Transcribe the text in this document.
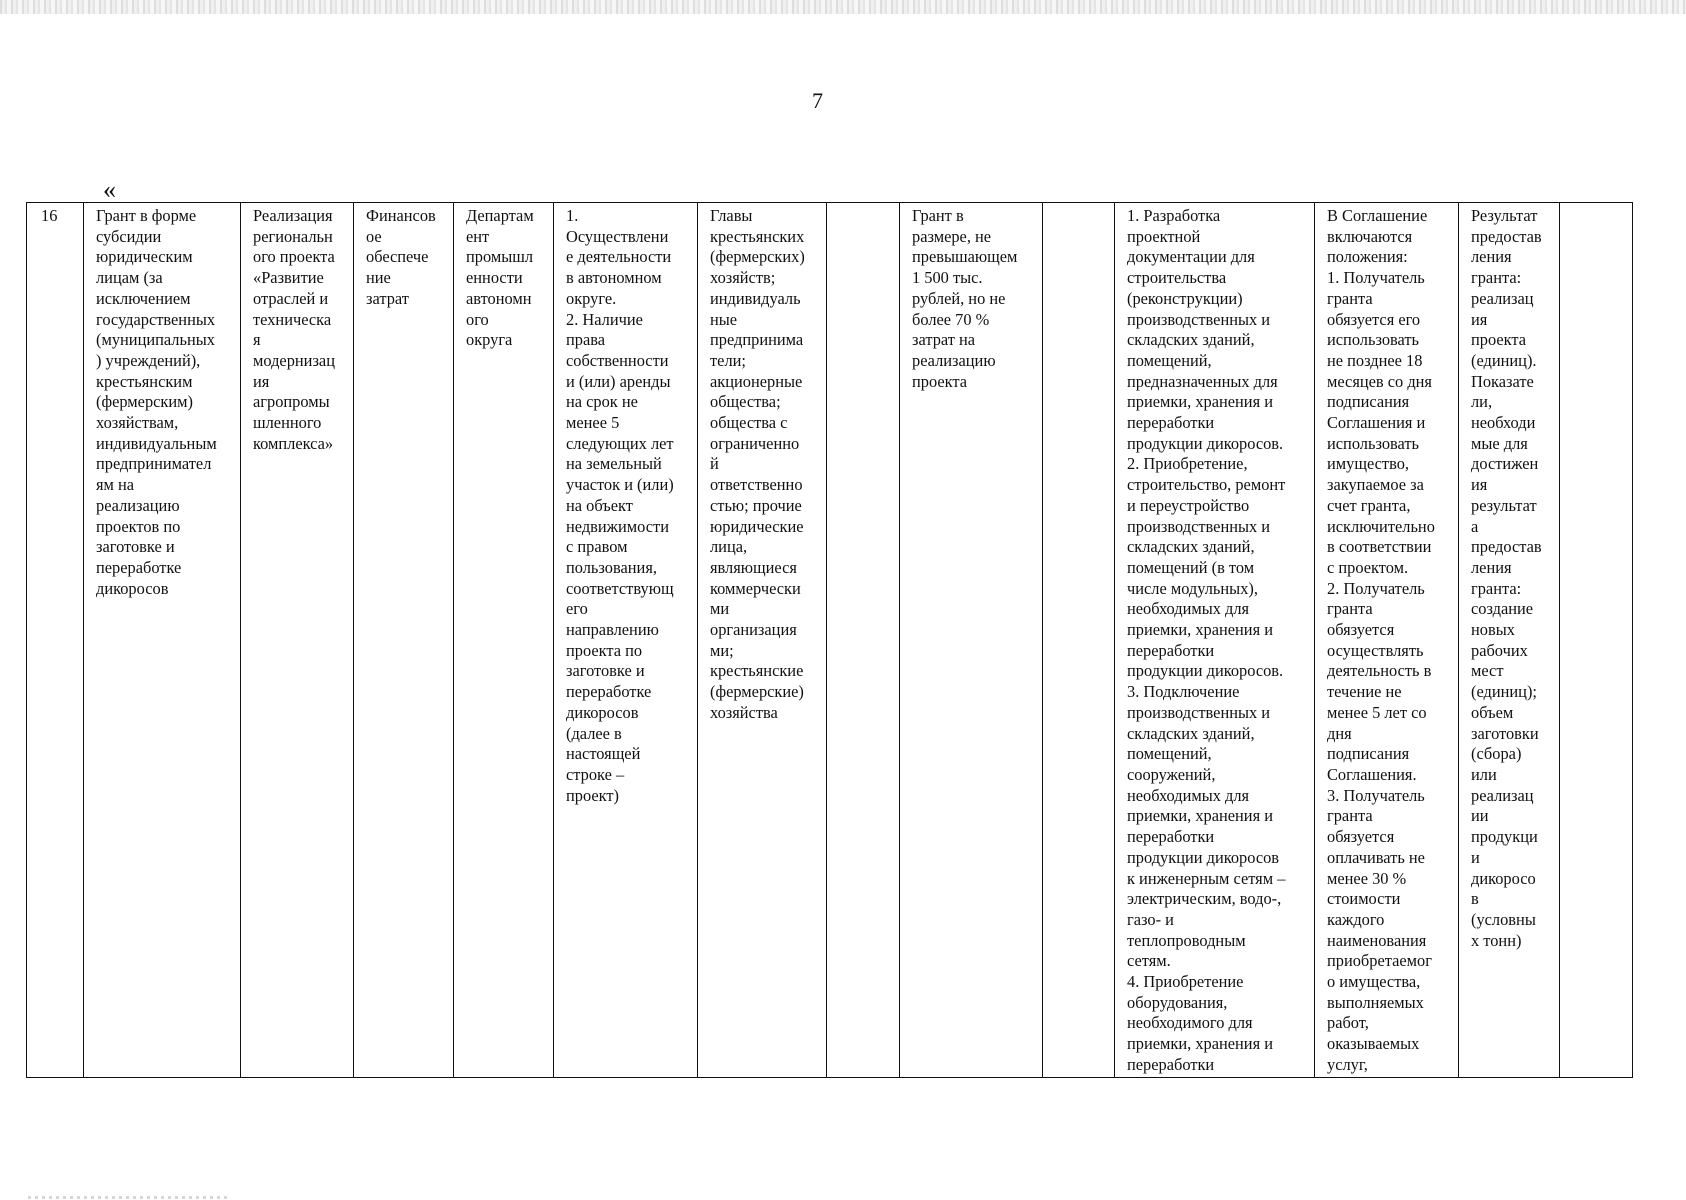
7
«
16	Грант в форме
субсидии
юридическим
лицам (за
исключением
государственных
(муниципальных
) учреждений),
крестьянским
(фермерским)
хозяйствам,
индивидуальным
предпринимател
ям на
реализацию
проектов по
заготовке и
переработке
дикоросов	Реализация
региональн
ого проекта
«Развитие
отраслей и
техническа
я
модернизац
ия
агропромы
шленного
комплекса»	Финансов
ое
обеспече
ние
затрат	Департам
ент
промышл
енности
автономн
ого
округа	1.
Осуществлени
е деятельности
в автономном
округе.
2. Наличие
права
собственности
и (или) аренды
на срок не
менее 5
следующих лет
на земельный
участок и (или)
на объект
недвижимости
с правом
пользования,
соответствующ
его
направлению
проекта по
заготовке и
переработке
дикоросов
(далее в
настоящей
строке –
проект)	Главы
крестьянских
(фермерских)
хозяйств;
индивидуаль
ные
предпринима
тели;
акционерные
общества;
общества с
ограниченно
й
ответственно
стью; прочие
юридические
лица,
являющиеся
коммерчески
ми
организация
ми;
крестьянские
(фермерские)
хозяйства		Грант в
размере, не
превышающем
1 500 тыс.
рублей, но не
более 70 %
затрат на
реализацию
проекта		1. Разработка
проектной
документации для
строительства
(реконструкции)
производственных и
складских зданий,
помещений,
предназначенных для
приемки, хранения и
переработки
продукции дикоросов.
2. Приобретение,
строительство, ремонт
и переустройство
производственных и
складских зданий,
помещений (в том
числе модульных),
необходимых для
приемки, хранения и
переработки
продукции дикоросов.
3. Подключение
производственных и
складских зданий,
помещений,
сооружений,
необходимых для
приемки, хранения и
переработки
продукции дикоросов
к инженерным сетям –
электрическим, водо-,
газо- и
теплопроводным
сетям.
4. Приобретение
оборудования,
необходимого для
приемки, хранения и
переработки	В Соглашение
включаются
положения:
1. Получатель
гранта
обязуется его
использовать
не позднее 18
месяцев со дня
подписания
Соглашения и
использовать
имущество,
закупаемое за
счет гранта,
исключительно
в соответствии
с проектом.
2. Получатель
гранта
обязуется
осуществлять
деятельность в
течение не
менее 5 лет со
дня
подписания
Соглашения.
3. Получатель
гранта
обязуется
оплачивать не
менее 30 %
стоимости
каждого
наименования
приобретаемог
о имущества,
выполняемых
работ,
оказываемых
услуг,	Результат
предостав
ления
гранта:
реализац
ия
проекта
(единиц).
Показате
ли,
необходи
мые для
достижен
ия
результат
а
предостав
ления
гранта:
создание
новых
рабочих
мест
(единиц);
объем
заготовки
(сбора)
или
реализац
ии
продукци
и
дикоросо
в
(условны
х тонн)	
